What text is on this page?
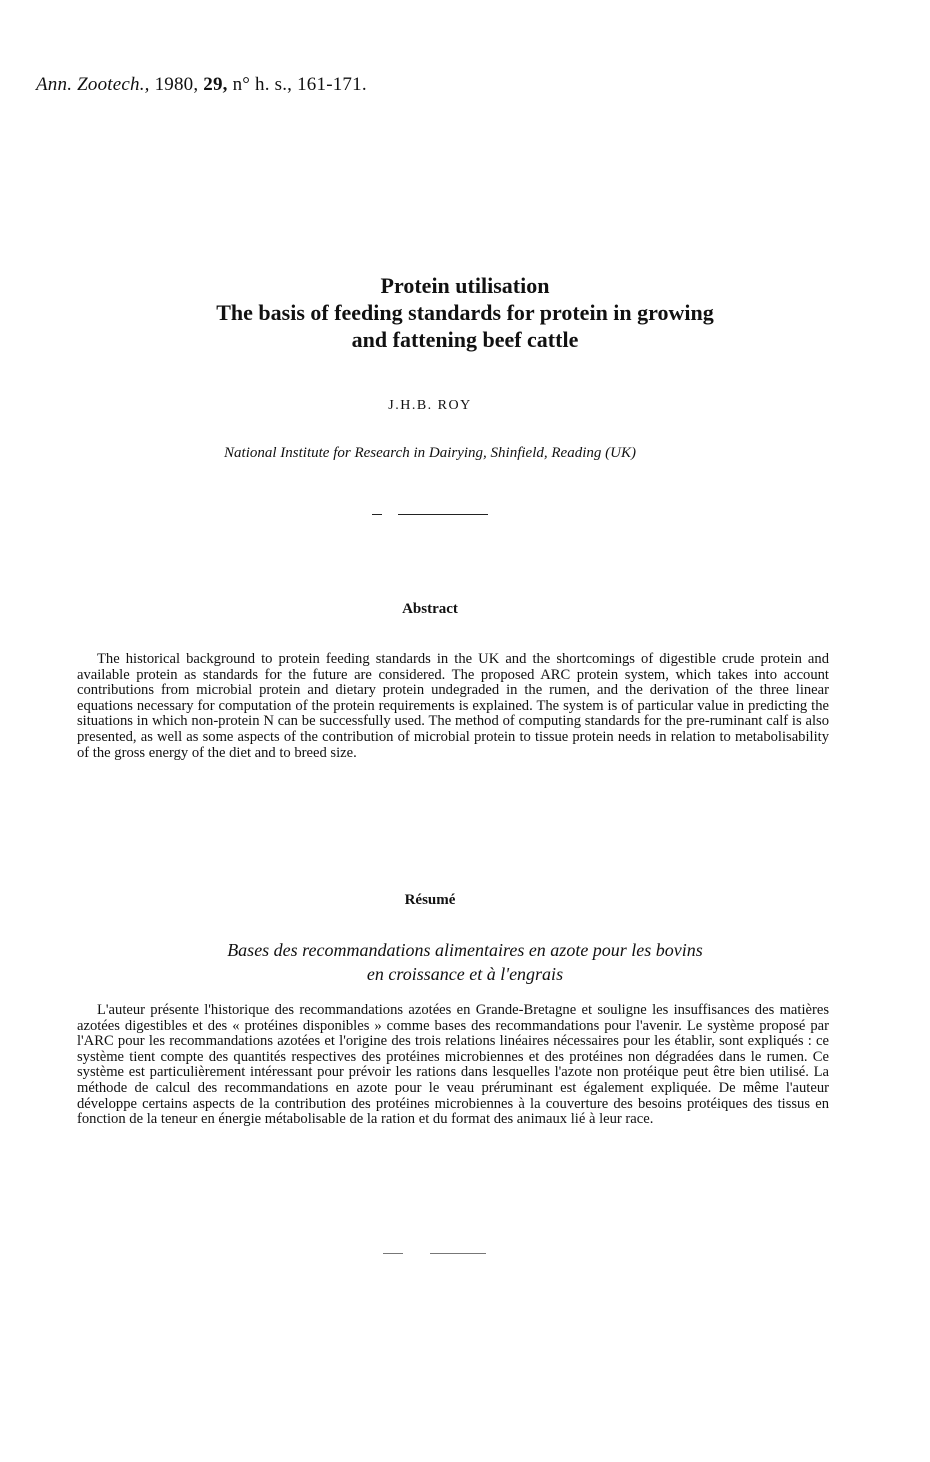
Ann. Zootech., 1980, 29, n° h. s., 161-171.
Protein utilisation
The basis of feeding standards for protein in growing
and fattening beef cattle
J.H.B. ROY
National Institute for Research in Dairying, Shinfield, Reading (UK)
Abstract
The historical background to protein feeding standards in the UK and the shortcomings of digestible crude protein and available protein as standards for the future are considered. The proposed ARC protein system, which takes into account contributions from microbial protein and dietary protein undegraded in the rumen, and the derivation of the three linear equations necessary for computation of the protein requirements is explained. The system is of particular value in predicting the situations in which non-protein N can be successfully used. The method of computing standards for the pre-ruminant calf is also presented, as well as some aspects of the contribution of microbial protein to tissue protein needs in relation to metabolisability of the gross energy of the diet and to breed size.
Résumé
Bases des recommandations alimentaires en azote pour les bovins
en croissance et à l'engrais
L'auteur présente l'historique des recommandations azotées en Grande-Bretagne et souligne les insuffisances des matières azotées digestibles et des « protéines disponibles » comme bases des recommandations pour l'avenir. Le système proposé par l'ARC pour les recommandations azotées et l'origine des trois relations linéaires nécessaires pour les établir, sont expliqués : ce système tient compte des quantités respectives des protéines microbiennes et des protéines non dégradées dans le rumen. Ce système est particulièrement intéressant pour prévoir les rations dans lesquelles l'azote non protéique peut être bien utilisé. La méthode de calcul des recommandations en azote pour le veau préruminant est également expliquée. De même l'auteur développe certains aspects de la contribution des protéines microbiennes à la couverture des besoins protéiques des tissus en fonction de la teneur en énergie métabolisable de la ration et du format des animaux lié à leur race.
